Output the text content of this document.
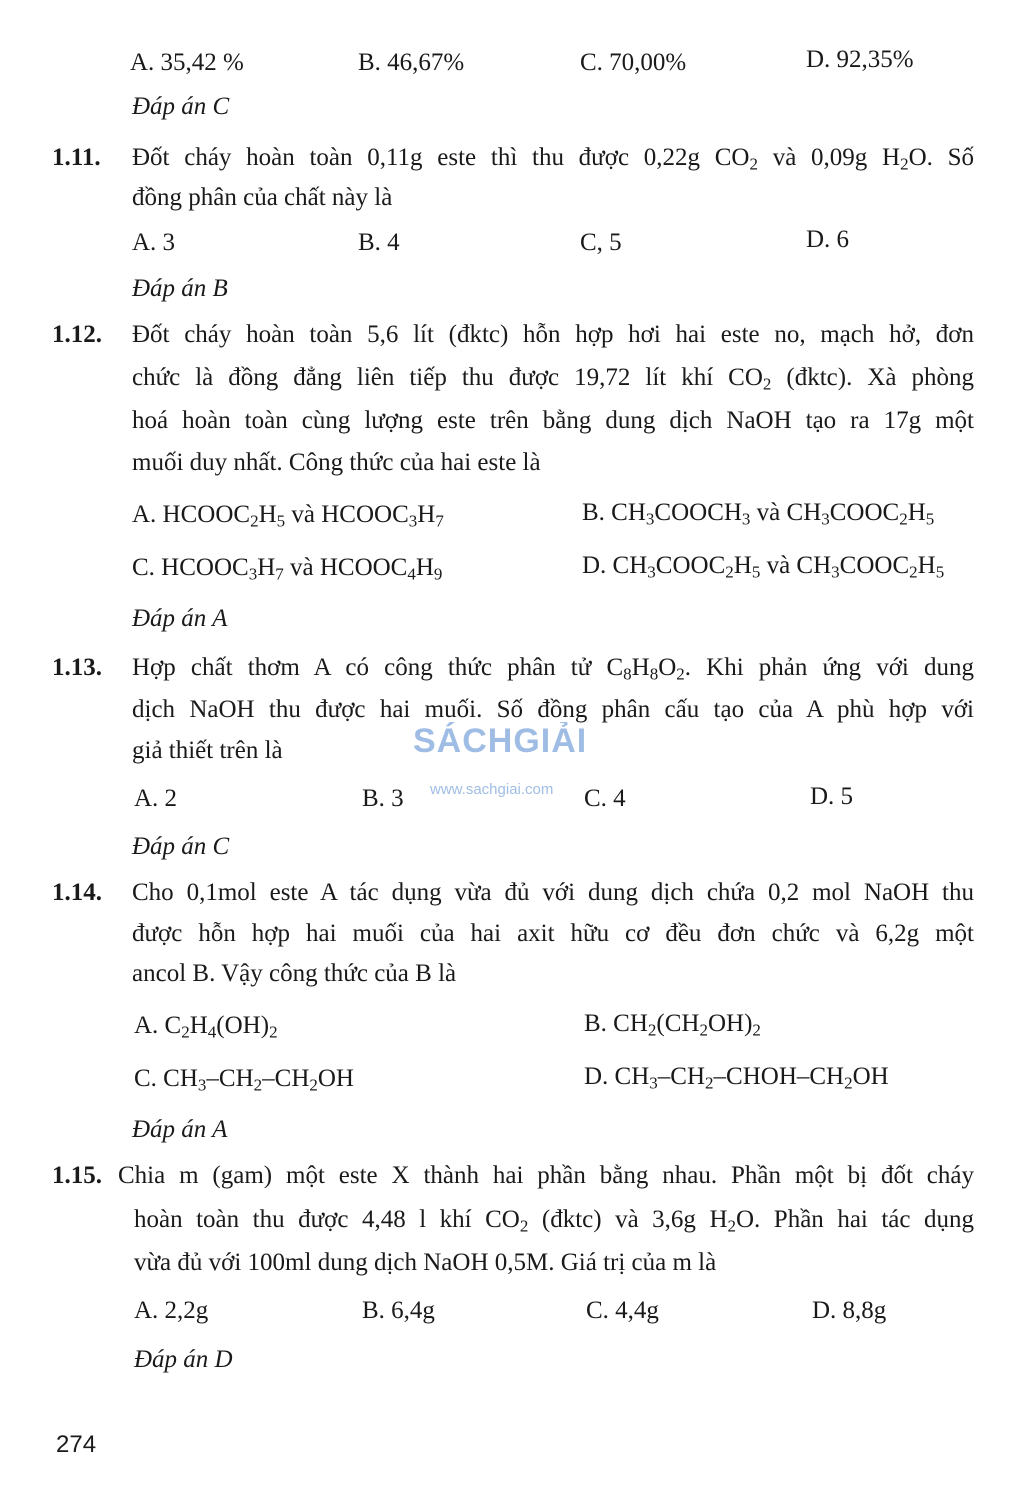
A. 35,42 %	B. 46,67%	C. 70,00%	D. 92,35%
Đáp án C
1.11. Đốt cháy hoàn toàn 0,11g este thì thu được 0,22g $CO_2$ và 0,09g $H_2O$. Số
đồng phân của chất này là
A. 3	B. 4	C, 5	D. 6
Đáp án B
1.12. Đốt cháy hoàn toàn 5,6 lít (đktc) hỗn hợp hơi hai este no, mạch hở, đơn
chức là đồng đẳng liên tiếp thu được 19,72 lít khí $CO_2$ (đktc). Xà phòng
hoá hoàn toàn cùng lượng este trên bằng dung dịch NaOH tạo ra 17g một
muối duy nhất. Công thức của hai este là
A. $HCOOC_2H_5$ và $HCOOC_3H_7$	B. $CH_3COOCH_3$ và $CH_3COOC_2H_5$
C. $HCOOC_3H_7$ và $HCOOC_4H_9$	D. $CH_3COOC_2H_5$ và $CH_3COOC_2H_5$
Đáp án A
1.13. Hợp chất thơm A có công thức phân tử $C_8H_8O_2$. Khi phản ứng với dung
dịch NaOH thu được hai muối. Số đồng phân cấu tạo của A phù hợp với
giả thiết trên là
A. 2	B. 3	C. 4	D. 5
Đáp án C
1.14. Cho 0,1mol este A tác dụng vừa đủ với dung dịch chứa 0,2 mol NaOH thu
được hỗn hợp hai muối của hai axit hữu cơ đều đơn chức và 6,2g một
ancol B. Vậy công thức của B là
A. $C_2H_4(OH)_2$	B. $CH_2(CH_2OH)_2$
C. $CH_3-CH_2-CH_2OH$	D. $CH_3-CH_2-CHOH-CH_2OH$
Đáp án A
1.15. Chia m (gam) một este X thành hai phần bằng nhau. Phần một bị đốt cháy
hoàn toàn thu được 4,48 l khí $CO_2$ (đktc) và 3,6g $H_2O$. Phần hai tác dụng
vừa đủ với 100ml dung dịch NaOH 0,5M. Giá trị của m là
A. 2,2g	B. 6,4g	C. 4,4g	D. 8,8g
Đáp án D
SÁCHGIẢI
www.sachgiai.com
274
